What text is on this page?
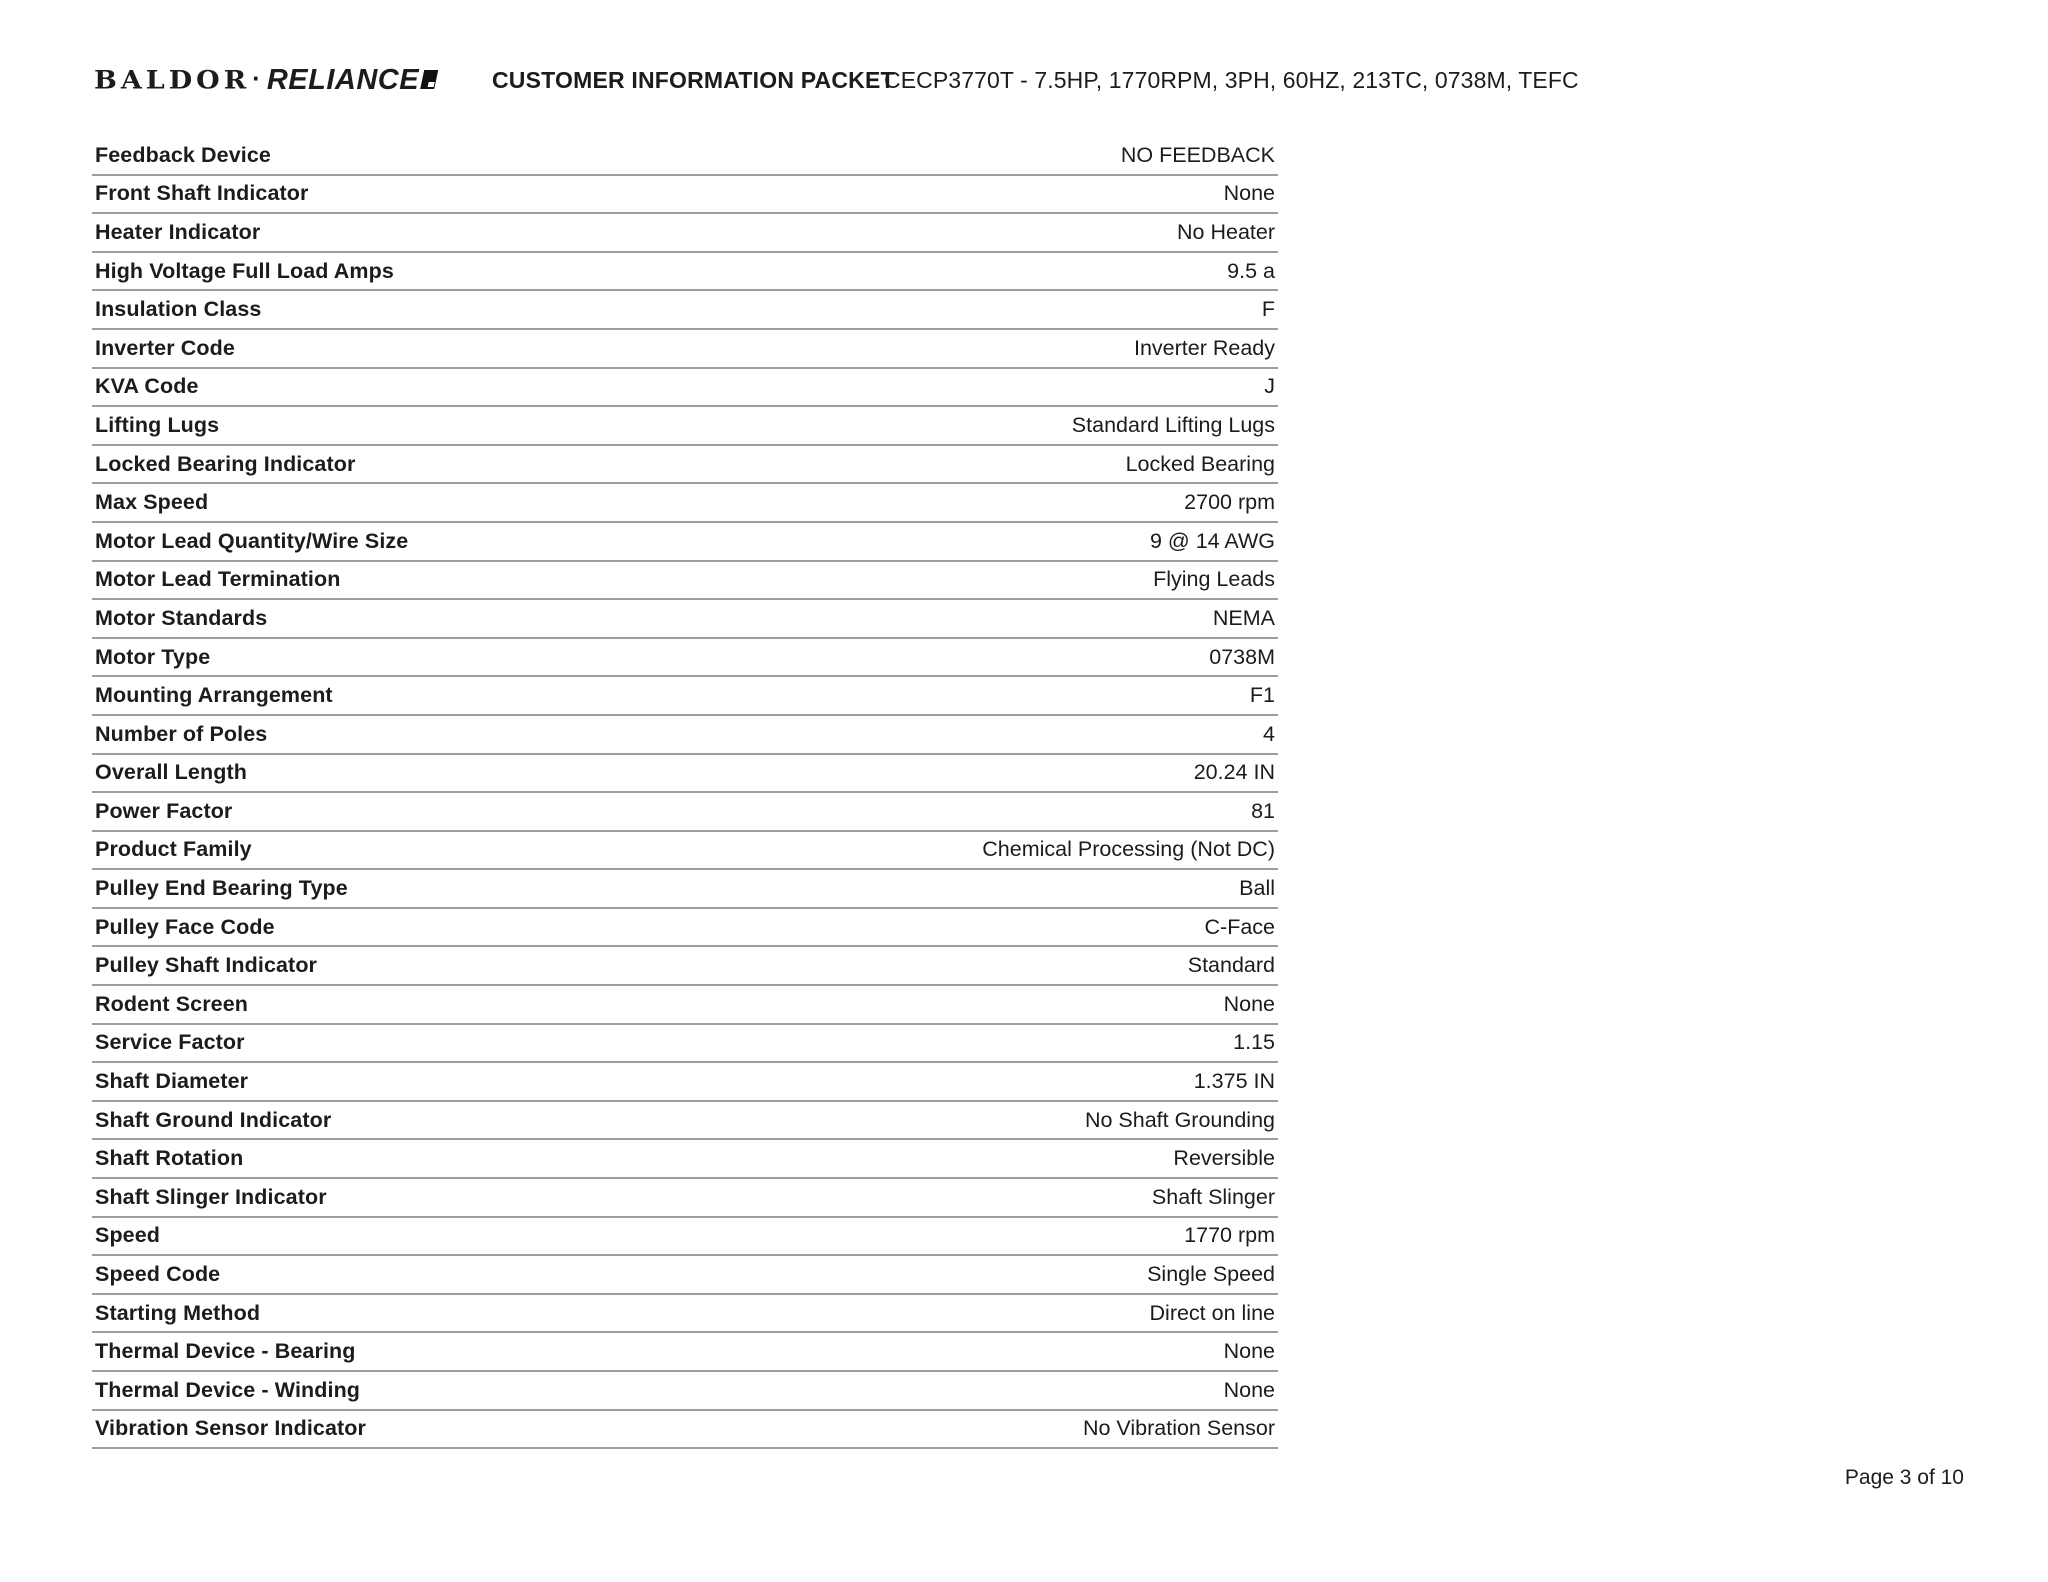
BALDOR · RELIANCE	CUSTOMER INFORMATION PACKET
CECP3770T - 7.5HP, 1770RPM, 3PH, 60HZ, 213TC, 0738M, TEFC
Feedback Device	NO FEEDBACK
Front Shaft Indicator	None
Heater Indicator	No Heater
High Voltage Full Load Amps	9.5 a
Insulation Class	F
Inverter Code	Inverter Ready
KVA Code	J
Lifting Lugs	Standard Lifting Lugs
Locked Bearing Indicator	Locked Bearing
Max Speed	2700 rpm
Motor Lead Quantity/Wire Size	9 @ 14 AWG
Motor Lead Termination	Flying Leads
Motor Standards	NEMA
Motor Type	0738M
Mounting Arrangement	F1
Number of Poles	4
Overall Length	20.24 IN
Power Factor	81
Product Family	Chemical Processing (Not DC)
Pulley End Bearing Type	Ball
Pulley Face Code	C-Face
Pulley Shaft Indicator	Standard
Rodent Screen	None
Service Factor	1.15
Shaft Diameter	1.375 IN
Shaft Ground Indicator	No Shaft Grounding
Shaft Rotation	Reversible
Shaft Slinger Indicator	Shaft Slinger
Speed	1770 rpm
Speed Code	Single Speed
Starting Method	Direct on line
Thermal Device - Bearing	None
Thermal Device - Winding	None
Vibration Sensor Indicator	No Vibration Sensor
Page 3 of 10
